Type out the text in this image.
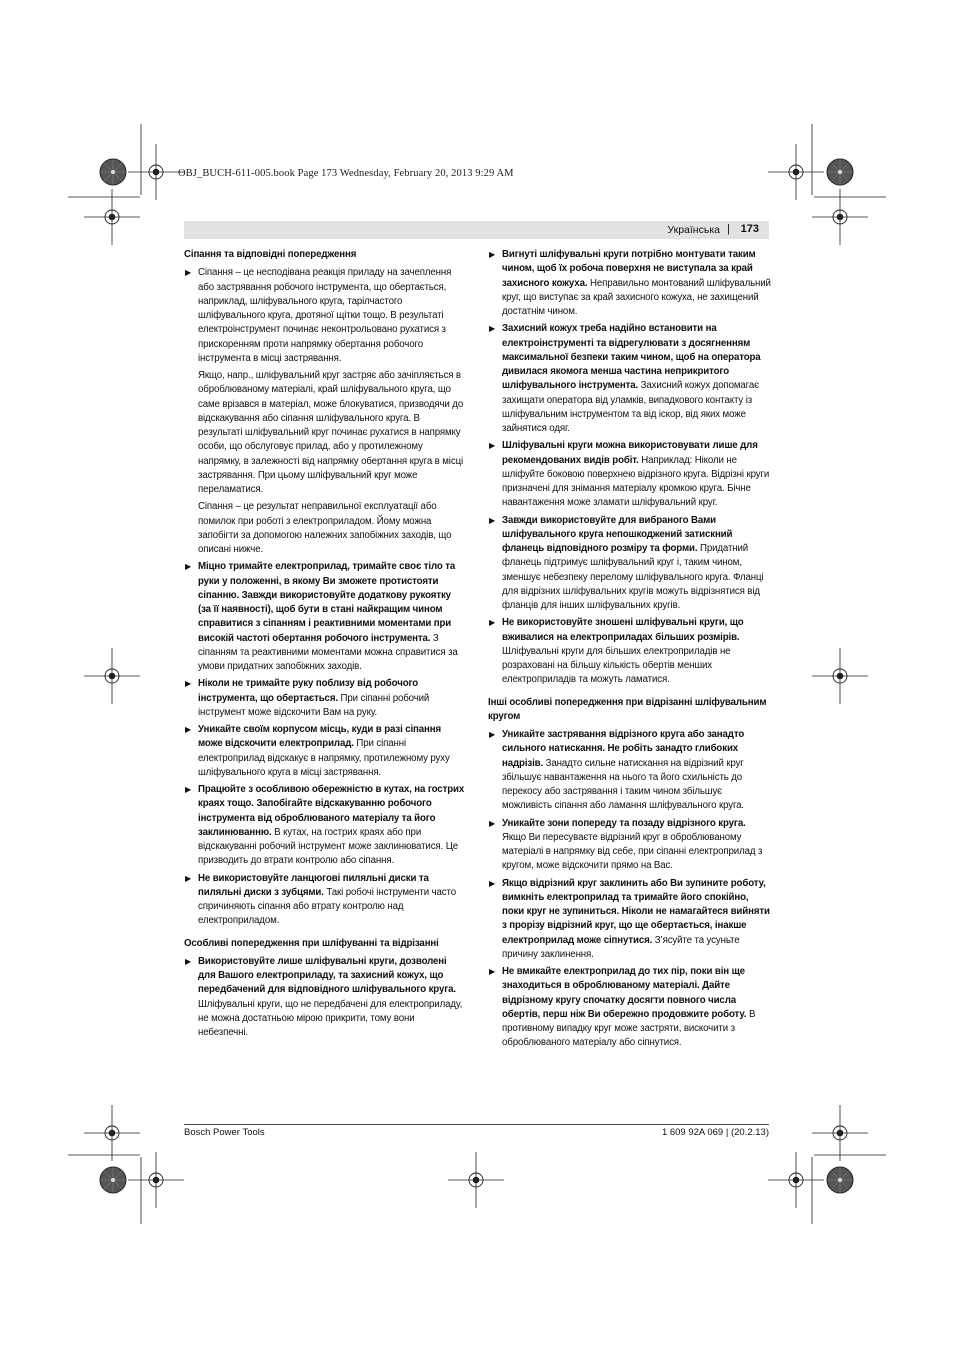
OBJ_BUCH-611-005.book Page 173 Wednesday, February 20, 2013 9:29 AM
Українська | 173
Сіпання та відповідні попередження
▶ Сіпання – це несподівана реакція приладу на зачеплення або застрявання робочого інструмента, що обертається, наприклад, шліфувального круга, тарілчастого шліфувального круга, дротяної щітки тощо. В результаті електроінструмент починає неконтрольовано рухатися з прискоренням проти напрямку обертання робочого інструмента в місці застрявання.
Якщо, напр., шліфувальний круг застряє або зачіпляється в оброблюваному матеріалі, край шліфувального круга, що саме врізався в матеріал, може блокуватися, призводячи до відскакування або сіпання шліфувального круга. В результаті шліфувальний круг починає рухатися в напрямку особи, що обслуговує прилад, або у протилежному напрямку, в залежності від напрямку обертання круга в місці застрявання. При цьому шліфувальний круг може переламатися.
Сіпання – це результат неправильної експлуатації або помилок при роботі з електроприладом. Йому можна запобігти за допомогою належних запобіжних заходів, що описані нижче.
▶ Міцно тримайте електроприлад, тримайте своє тіло та руки у положенні, в якому Ви зможете протистояти сіпанню. Завжди використовуйте додаткову рукоятку (за її наявності), щоб бути в стані найкращим чином справитися з сіпанням і реактивними моментами при високій частоті обертання робочого інструмента. З сіпанням та реактивними моментами можна справитися за умови придатних запобіжних заходів.
▶ Ніколи не тримайте руку поблизу від робочого інструмента, що обертається. При сіпанні робочий інструмент може відскочити Вам на руку.
▶ Уникайте своїм корпусом місць, куди в разі сіпання може відскочити електроприлад. При сіпанні електроприлад відскакує в напрямку, протилежному руху шліфувального круга в місці застрявання.
▶ Працюйте з особливою обережністю в кутах, на гострих краях тощо. Запобігайте відскакуванню робочого інструмента від оброблюваного матеріалу та його заклинюванню. В кутах, на гострих краях або при відскакуванні робочий інструмент може заклинюватися. Це призводить до втрати контролю або сіпання.
▶ Не використовуйте ланцюгові пиляльні диски та пиляльні диски з зубцями. Такі робочі інструменти часто спричиняють сіпання або втрату контролю над електроприладом.
Особливі попередження при шліфуванні та відрізанні
▶ Використовуйте лише шліфувальні круги, дозволені для Вашого електроприладу, та захисний кожух, що передбачений для відповідного шліфувального круга. Шліфувальні круги, що не передбачені для електроприладу, не можна достатньою мірою прикрити, тому вони небезпечні.
▶ Вигнуті шліфувальні круги потрібно монтувати таким чином, щоб їх робоча поверхня не виступала за край захисного кожуха. Неправильно монтований шліфувальний круг, що виступає за край захисного кожуха, не захищений достатнім чином.
▶ Захисний кожух треба надійно встановити на електроінструменті та відрегулювати з досягненням максимальної безпеки таким чином, щоб на оператора дивилася якомога менша частина неприкритого шліфувального інструмента. Захисний кожух допомагає захищати оператора від уламків, випадкового контакту із шліфувальним інструментом та від іскор, від яких може зайнятися одяг.
▶ Шліфувальні круги можна використовувати лише для рекомендованих видів робіт. Наприклад: Ніколи не шліфуйте боковою поверхнею відрізного круга. Відрізні круги призначені для знімання матеріалу кромкою круга. Бічне навантаження може зламати шліфувальний круг.
▶ Завжди використовуйте для вибраного Вами шліфувального круга непошкоджений затискний фланець відповідного розміру та форми. Придатний фланець підтримує шліфувальний круг і, таким чином, зменшує небезпеку перелому шліфувального круга. Фланці для відрізних шліфувальних кругів можуть відрізнятися від фланців для інших шліфувальних кругів.
▶ Не використовуйте зношені шліфувальні круги, що вживалися на електроприладах більших розмірів. Шліфувальні круги для більших електроприладів не розраховані на більшу кількість обертів менших електроприладів та можуть ламатися.
Інші особливі попередження при відрізанні шліфувальним кругом
▶ Уникайте застрявання відрізного круга або занадто сильного натискання. Не робіть занадто глибоких надрізів. Занадто сильне натискання на відрізний круг збільшує навантаження на нього та його схильність до перекосу або застрявання і таким чином збільшує можливість сіпання або ламання шліфувального круга.
▶ Уникайте зони попереду та позаду відрізного круга. Якщо Ви пересуваєте відрізний круг в оброблюваному матеріалі в напрямку від себе, при сіпанні електроприлад з кругом, може відскочити прямо на Вас.
▶ Якщо відрізний круг заклинить або Ви зупините роботу, вимкніть електроприлад та тримайте його спокійно, поки круг не зупиниться. Ніколи не намагайтеся вийняти з прорізу відрізний круг, що ще обертається, інакше електроприлад може сіпнутися. З’ясуйте та усуньте причину заклинення.
▶ Не вмикайте електроприлад до тих пір, поки він ще знаходиться в оброблюваному матеріалі. Дайте відрізному кругу спочатку досягти повного числа обертів, перш ніж Ви обережно продовжите роботу. В противному випадку круг може застряти, вискочити з оброблюваного матеріалу або сіпнутися.
Bosch Power Tools	1 609 92A 069 | (20.2.13)
